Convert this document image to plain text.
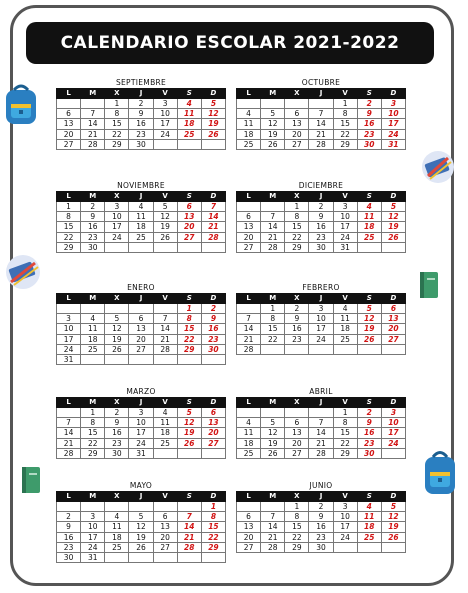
CALENDARIO ESCOLAR 2021-2022
SEPTIEMBRE
L	M	X	J	V	S	D
		1	2	3	4	5
6	7	8	9	10	11	12
13	14	15	16	17	18	19
20	21	22	23	24	25	26
27	28	29	30			
OCTUBRE
L	M	X	J	V	S	D
				1	2	3
4	5	6	7	8	9	10
11	12	13	14	15	16	17
18	19	20	21	22	23	24
25	26	27	28	29	30	31
NOVIEMBRE
L	M	X	J	V	S	D
1	2	3	4	5	6	7
8	9	10	11	12	13	14
15	16	17	18	19	20	21
22	23	24	25	26	27	28
29	30					
DICIEMBRE
L	M	X	J	V	S	D
		1	2	3	4	5
6	7	8	9	10	11	12
13	14	15	16	17	18	19
20	21	22	23	24	25	26
27	28	29	30	31		
ENERO
L	M	X	J	V	S	D
					1	2
3	4	5	6	7	8	9
10	11	12	13	14	15	16
17	18	19	20	21	22	23
24	25	26	27	28	29	30
31						
FEBRERO
L	M	X	J	V	S	D
	1	2	3	4	5	6
7	8	9	10	11	12	13
14	15	16	17	18	19	20
21	22	23	24	25	26	27
28						
MARZO
L	M	X	J	V	S	D
	1	2	3	4	5	6
7	8	9	10	11	12	13
14	15	16	17	18	19	20
21	22	23	24	25	26	27
28	29	30	31			
ABRIL
L	M	X	J	V	S	D
				1	2	3
4	5	6	7	8	9	10
11	12	13	14	15	16	17
18	19	20	21	22	23	24
25	26	27	28	29	30	
MAYO
L	M	X	J	V	S	D
						1
2	3	4	5	6	7	8
9	10	11	12	13	14	15
16	17	18	19	20	21	22
23	24	25	26	27	28	29
30	31					
JUNIO
L	M	X	J	V	S	D
		1	2	3	4	5
6	7	8	9	10	11	12
13	14	15	16	17	18	19
20	21	22	23	24	25	26
27	28	29	30			
